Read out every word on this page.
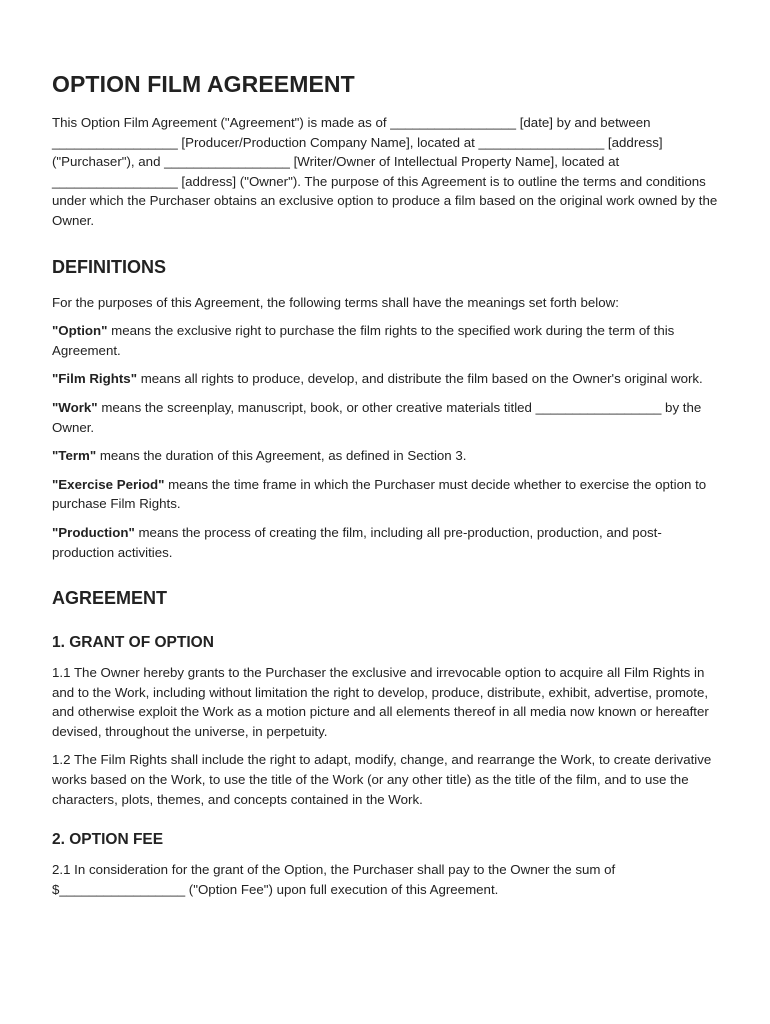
OPTION FILM AGREEMENT

This Option Film Agreement ("Agreement") is made as of _________________ [date] by and between _________________ [Producer/Production Company Name], located at _________________ [address] ("Purchaser"), and _________________ [Writer/Owner of Intellectual Property Name], located at _________________ [address] ("Owner"). The purpose of this Agreement is to outline the terms and conditions under which the Purchaser obtains an exclusive option to produce a film based on the original work owned by the Owner.

DEFINITIONS

For the purposes of this Agreement, the following terms shall have the meanings set forth below:

"Option" means the exclusive right to purchase the film rights to the specified work during the term of this Agreement.

"Film Rights" means all rights to produce, develop, and distribute the film based on the Owner's original work.

"Work" means the screenplay, manuscript, book, or other creative materials titled _________________ by the Owner.

"Term" means the duration of this Agreement, as defined in Section 3.

"Exercise Period" means the time frame in which the Purchaser must decide whether to exercise the option to purchase Film Rights.

"Production" means the process of creating the film, including all pre-production, production, and post-production activities.

AGREEMENT
1. GRANT OF OPTION

1.1 The Owner hereby grants to the Purchaser the exclusive and irrevocable option to acquire all Film Rights in and to the Work, including without limitation the right to develop, produce, distribute, exhibit, advertise, promote, and otherwise exploit the Work as a motion picture and all elements thereof in all media now known or hereafter devised, throughout the universe, in perpetuity.

1.2 The Film Rights shall include the right to adapt, modify, change, and rearrange the Work, to create derivative works based on the Work, to use the title of the Work (or any other title) as the title of the film, and to use the characters, plots, themes, and concepts contained in the Work.

2. OPTION FEE

2.1 In consideration for the grant of the Option, the Purchaser shall pay to the Owner the sum of $_________________ ("Option Fee") upon full execution of this Agreement.
